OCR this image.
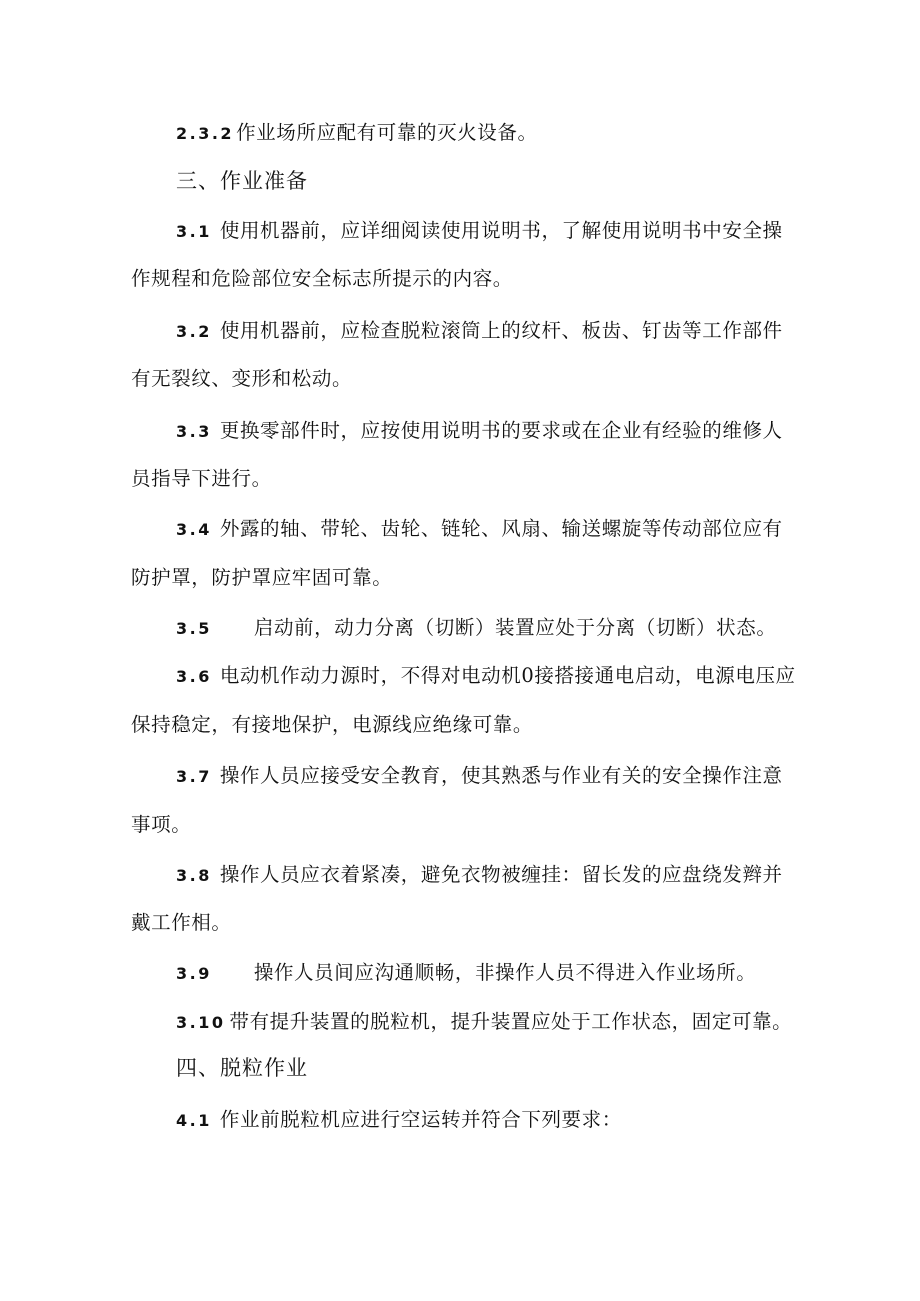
2.3.2 作业场所应配有可靠的灭火设备。
三、作业准备
3.1 使用机器前，应详细阅读使用说明书，了解使用说明书中安全操
作规程和危险部位安全标志所提示的内容。
3.2 使用机器前，应检查脱粒滚筒上的纹杆、板齿、钉齿等工作部件
有无裂纹、变形和松动。
3.3 更换零部件时，应按使用说明书的要求或在企业有经验的维修人
员指导下进行。
3.4 外露的轴、带轮、齿轮、链轮、风扇、输送螺旋等传动部位应有
防护罩，防护罩应牢固可靠。
3.5 启动前，动力分离（切断）装置应处于分离（切断）状态。
3.6 电动机作动力源时，不得对电动机0接搭接通电启动，电源电压应
保持稳定，有接地保护，电源线应绝缘可靠。
3.7 操作人员应接受安全教育，使其熟悉与作业有关的安全操作注意
事项。
3.8 操作人员应衣着紧凑，避免衣物被缠挂：留长发的应盘绕发辫并
戴工作相。
3.9 操作人员间应沟通顺畅，非操作人员不得进入作业场所。
3.10 带有提升装置的脱粒机，提升装置应处于工作状态，固定可靠。
四、脱粒作业
4.1 作业前脱粒机应进行空运转并符合下列要求：
